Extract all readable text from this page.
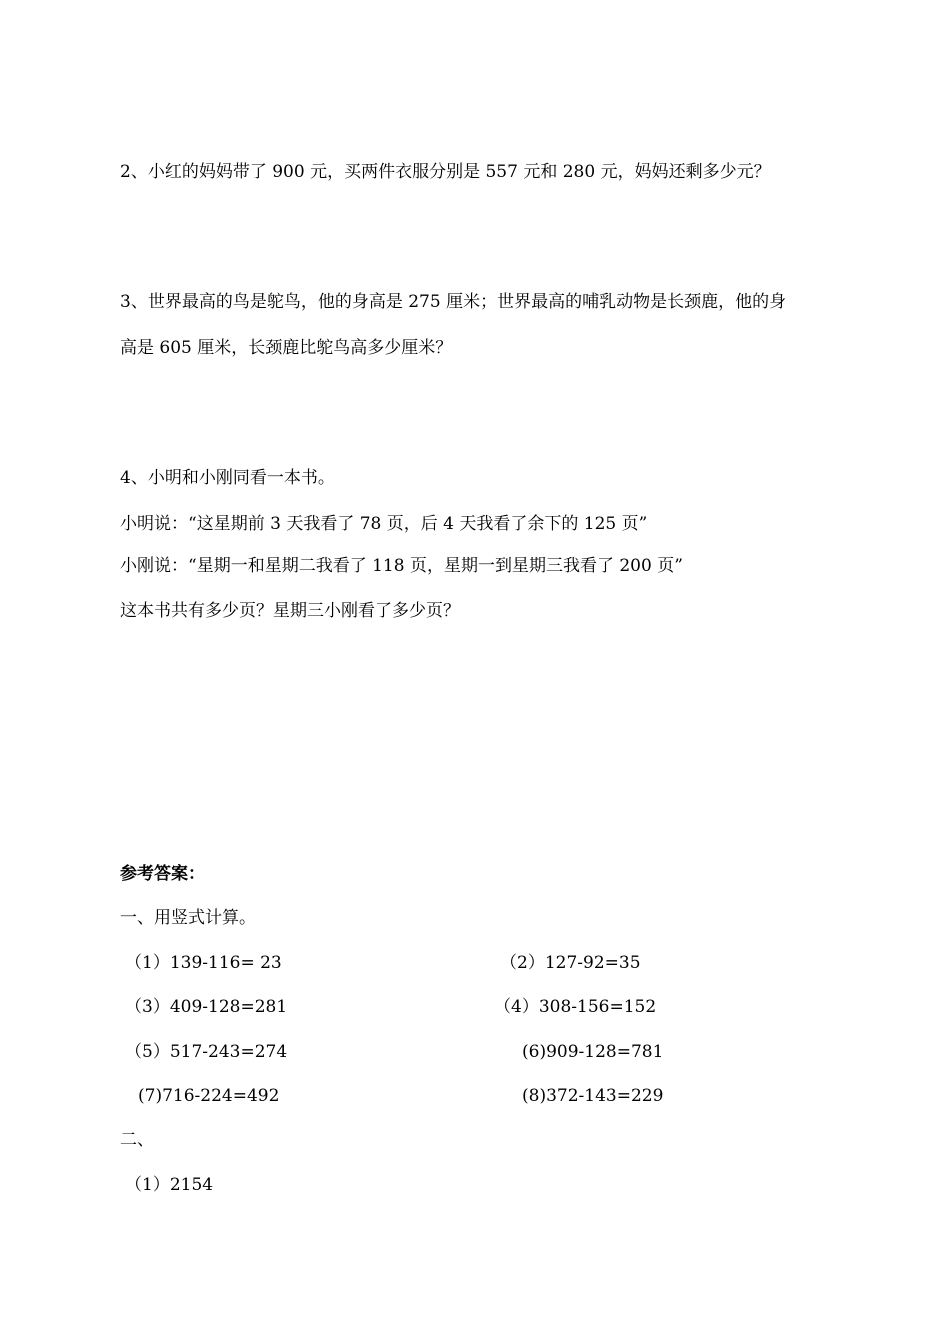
2、小红的妈妈带了 900 元，买两件衣服分别是 557 元和 280 元，妈妈还剩多少元？
3、世界最高的鸟是鸵鸟，他的身高是 275 厘米；世界最高的哺乳动物是长颈鹿，他的身
高是 605 厘米，长颈鹿比鸵鸟高多少厘米？
4、小明和小刚同看一本书。
小明说：“这星期前 3 天我看了 78 页，后 4 天我看了余下的 125 页”
小刚说：“星期一和星期二我看了 118 页，星期一到星期三我看了 200 页”
这本书共有多少页？星期三小刚看了多少页？
参考答案：
一、用竖式计算。
（1）139-116= 23	（2）127-92=35
（3）409-128=281	（4）308-156=152
（5）517-243=274	(6)909-128=781
(7)716-224=492	(8)372-143=229
二、
（1）2154
